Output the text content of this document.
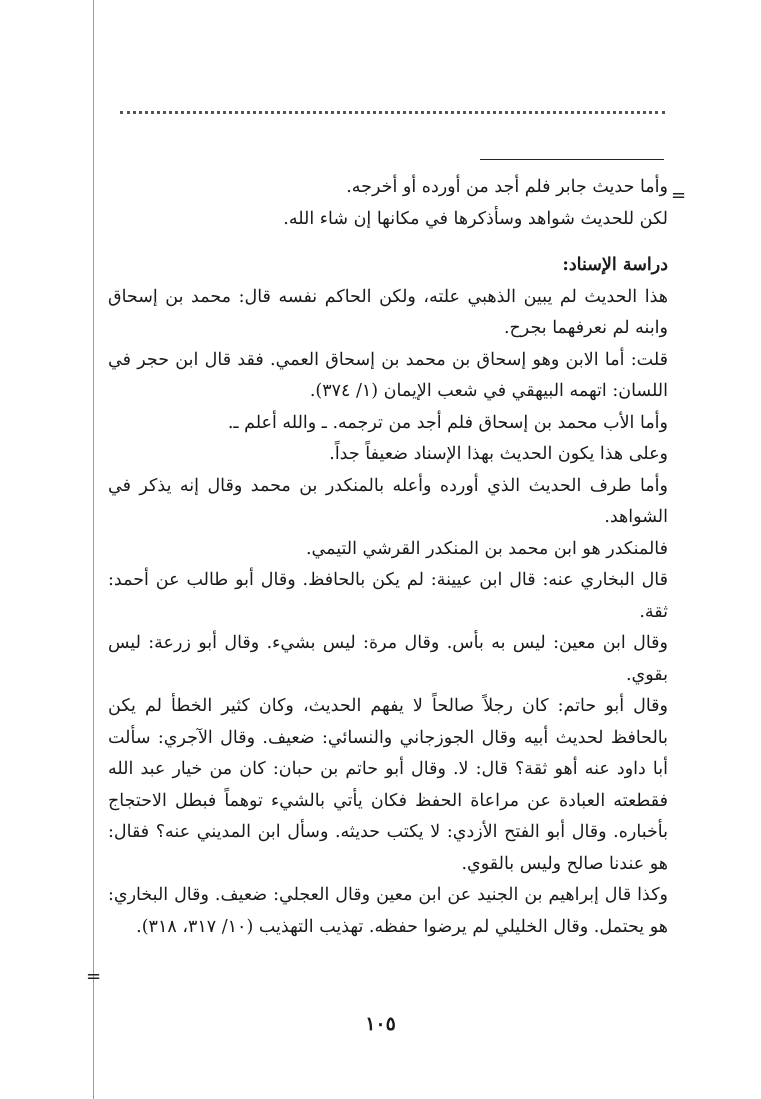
=
=

وأما حديث جابر فلم أجد من أورده أو أخرجه.

لكن للحديث شواهد وسأذكرها في مكانها إن شاء الله.

دراسة الإسناد:

هذا الحديث لم يبين الذهبي علته، ولكن الحاكم نفسه قال: محمد بن إسحاق وابنه لم نعرفهما بجرح.

قلت: أما الابن وهو إسحاق بن محمد بن إسحاق العمي. فقد قال ابن حجر في اللسان: اتهمه البيهقي في شعب الإيمان (١/ ٣٧٤).

وأما الأب محمد بن إسحاق فلم أجد من ترجمه. ـ والله أعلم ـ.

وعلى هذا يكون الحديث بهذا الإسناد ضعيفاً جداً.

وأما طرف الحديث الذي أورده وأعله بالمنكدر بن محمد وقال إنه يذكر في الشواهد.

فالمنكدر هو ابن محمد بن المنكدر القرشي التيمي.

قال البخاري عنه: قال ابن عيينة: لم يكن بالحافظ. وقال أبو طالب عن أحمد: ثقة.

وقال ابن معين: ليس به بأس. وقال مرة: ليس بشيء. وقال أبو زرعة: ليس بقوي.

وقال أبو حاتم: كان رجلاً صالحاً لا يفهم الحديث، وكان كثير الخطأ لم يكن بالحافظ لحديث أبيه وقال الجوزجاني والنسائي: ضعيف. وقال الآجري: سألت أبا داود عنه أهو ثقة؟ قال: لا. وقال أبو حاتم بن حبان: كان من خيار عبد الله فقطعته العبادة عن مراعاة الحفظ فكان يأتي بالشيء توهماً فبطل الاحتجاج بأخباره. وقال أبو الفتح الأزدي: لا يكتب حديثه. وسأل ابن المديني عنه؟ فقال: هو عندنا صالح وليس بالقوي.

وكذا قال إبراهيم بن الجنيد عن ابن معين وقال العجلي: ضعيف. وقال البخاري: هو يحتمل. وقال الخليلي لم يرضوا حفظه. تهذيب التهذيب (١٠/ ٣١٧، ٣١٨).

١٠٥
